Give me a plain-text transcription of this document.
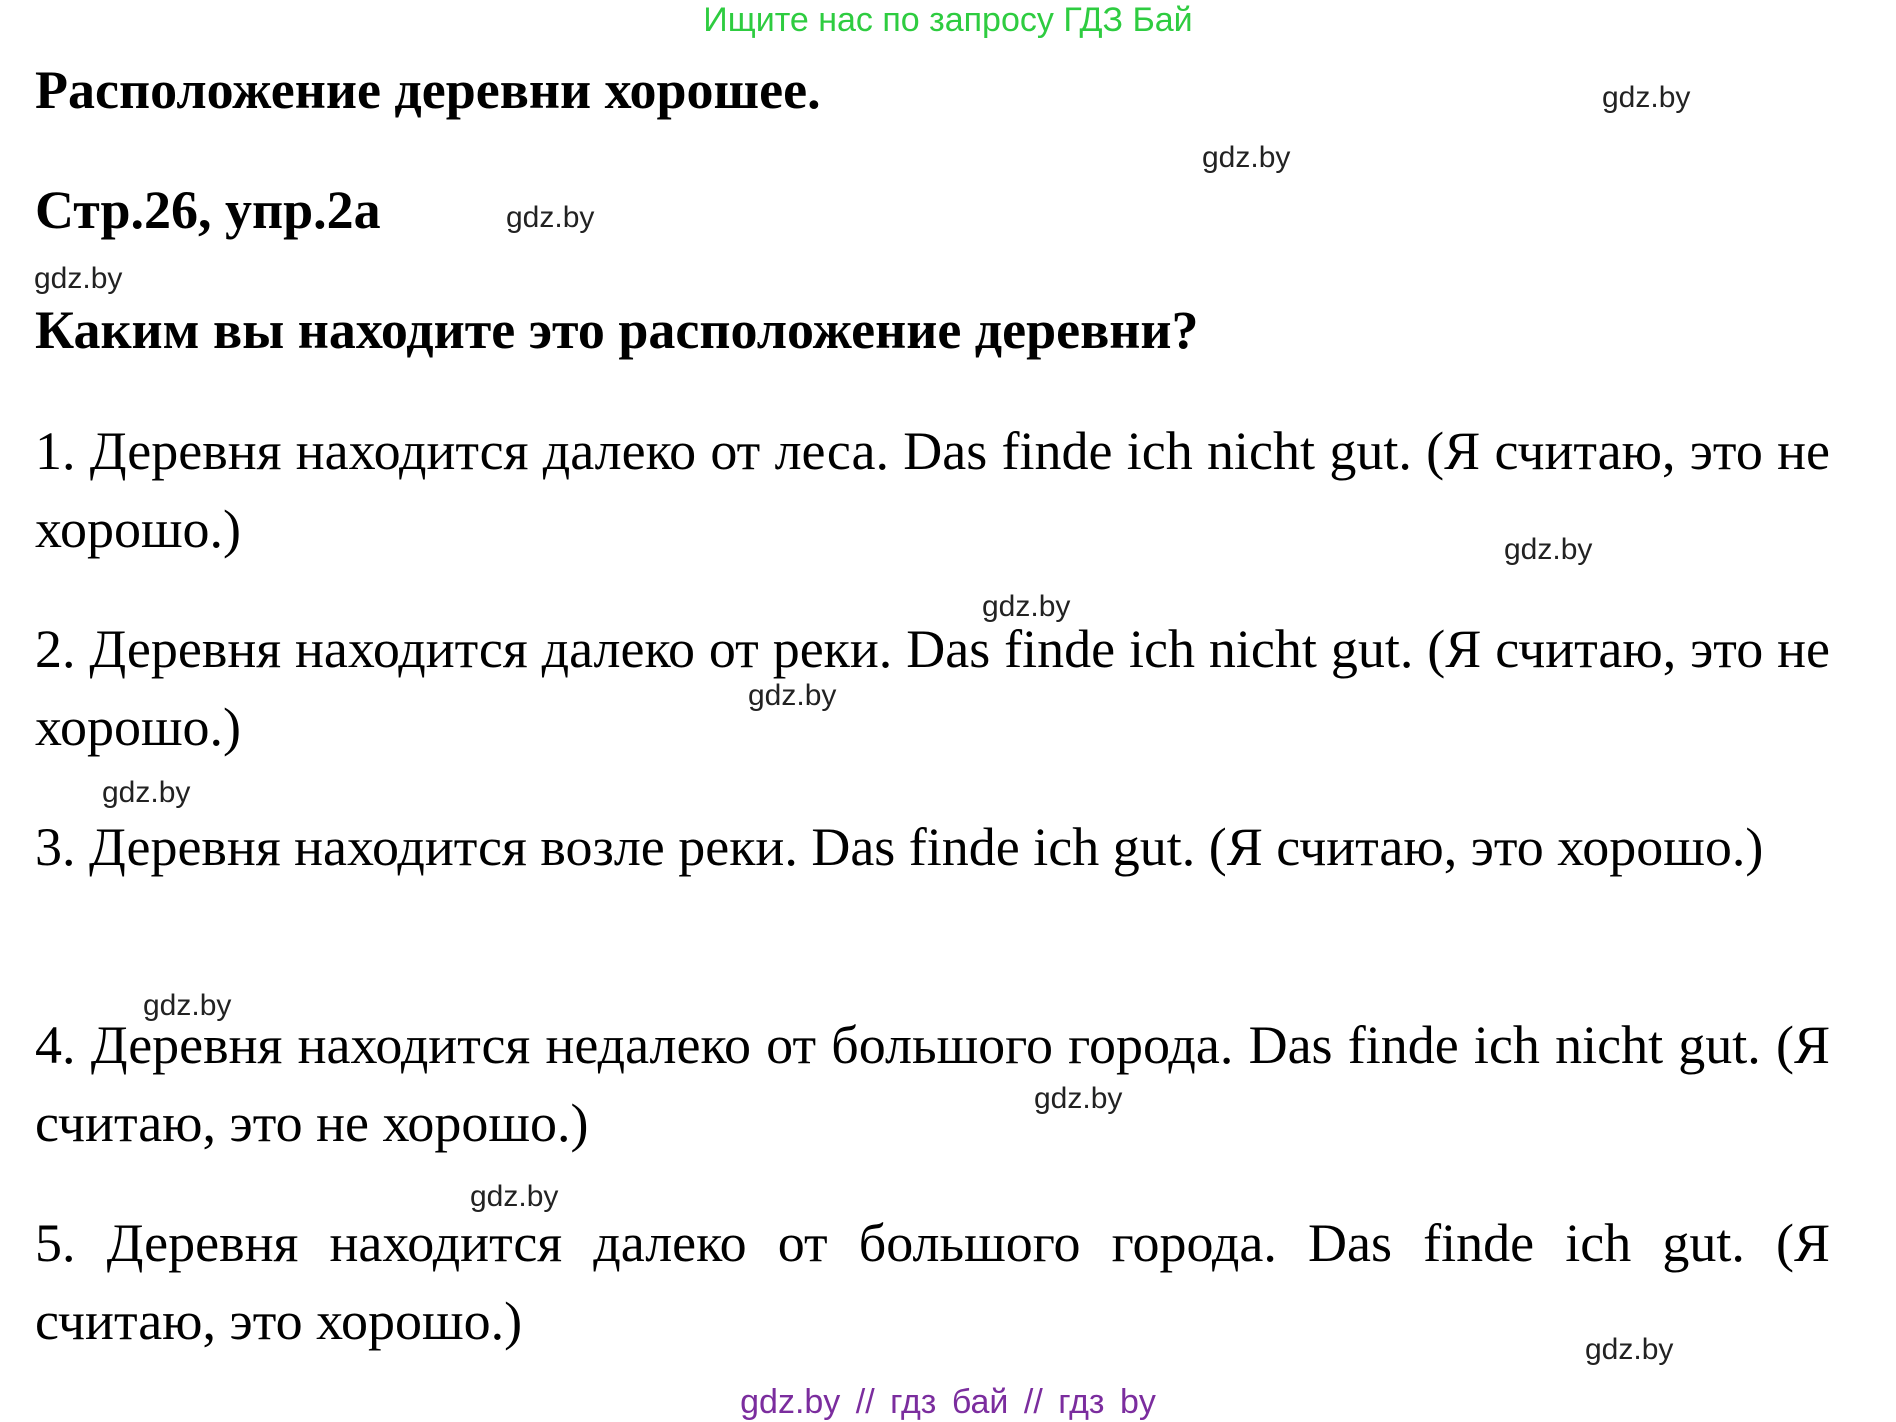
Ищите нас по запросу ГДЗ Бай
Расположение деревни хорошее.
Стр.26, упр.2а
Каким вы находите это расположение деревни?
1. Деревня находится далеко от леса. Das finde ich nicht gut. (Я считаю, это не хорошо.)
2. Деревня находится далеко от реки. Das finde ich nicht gut. (Я считаю, это не хорошо.)
3. Деревня находится возле реки. Das finde ich gut. (Я считаю, это хорошо.)
4. Деревня находится недалеко от большого города. Das finde ich nicht gut. (Я считаю, это не хорошо.)
5. Деревня находится далеко от большого города. Das finde ich gut. (Я считаю, это хорошо.)
gdz.by
gdz.by
gdz.by
gdz.by
gdz.by
gdz.by
gdz.by
gdz.by
gdz.by
gdz.by
gdz.by
gdz.by
gdz.by // гдз бай // гдз by
